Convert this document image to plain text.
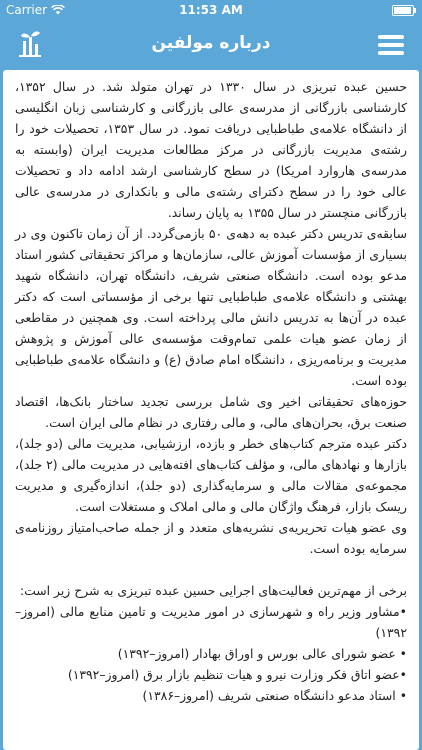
Carrier	11:53 AM
درباره مولفین

حسین عبده تبریزی در سال ۱۳۳۰ در تهران متولد شد. در سال ۱۳۵۲، کارشناسی بازرگانی از مدرسه‌ی عالی بازرگانی و کارشناسی زبان انگلیسی از دانشگاه علامه‌ی طباطبایی دریافت نمود. در سال ۱۳۵۳، تحصیلات خود را رشته‌ی مدیریت بازرگانی در مرکز مطالعات مدیریت ایران (وابسته به مدرسه‌ی هاروارد امریکا) در سطح کارشناسی ارشد ادامه داد و تحصیلات عالی خود را در سطح دکترای رشته‌ی مالی و بانکداری در مدرسه‌ی عالی بازرگانی منچستر در سال ۱۳۵۵ به پایان رساند.

سابقه‌ی تدریس دکتر عبده به دهه‌ی ۵۰ بازمی‌گردد. از آن زمان تاکنون وی در بسیاری از مؤسسات آموزش عالی، سازمان‌ها و مراکز تحقیقاتی کشور استاد مدعو بوده است. دانشگاه صنعتی شریف، دانشگاه تهران، دانشگاه شهید بهشتی و دانشگاه علامه‌ی طباطبایی تنها برخی از مؤسساتی است که دکتر عبده در آن‌ها به تدریس دانش مالی پرداخته است. وی همچنین در مقاطعی از زمان عضو هیات علمی تمام‌وقت مؤسسه‌ی عالی آموزش و پژوهش مدیریت و برنامه‌ریزی ، دانشگاه امام صادق (ع) و دانشگاه علامه‌ی طباطبایی بوده است.

حوزه‌های تحقیقاتی اخیر وی شامل بررسی تجدید ساختار بانک‌ها، اقتصاد صنعت برق، بحران‌های مالی، و مالی رفتاری در نظام مالی ایران است.

دکتر عبده مترجم کتاب‌های خطر و بازده، ارزشیابی، مدیریت مالی (دو جلد)، بازارها و نهادهای مالی، و مؤلف کتاب‌های افته‌هایی در مدیریت مالی (۲ جلد)، مجموعه‌ی مقالات مالی و سرمایه‌گذاری (دو جلد)، اندازه‌گیری و مدیریت ریسک بازار، فرهنگ واژگان مالی و مالی املاک و مستغلات است.

وی عضو هیات تحریریه‌ی نشریه‌های متعدد و از جمله صاحب‌امتیاز روزنامه‌ی سرمایه بوده است.

برخی از مهم‌ترین فعالیت‌های اجرایی حسین عبده تبریزی به شرح زیر است:

•مشاور وزیر راه و شهرسازی در امور مدیریت و تامین منابع مالی (امروز–۱۳۹۲)

• عضو شورای عالی بورس و اوراق بهادار (امروز–۱۳۹۲)

•عضو اتاق فکر وزارت نیرو و هیات تنظیم بازار برق (امروز–۱۳۹۲)

• استاد مدعو دانشگاه صنعتی شریف (امروز–۱۳۸۶)
